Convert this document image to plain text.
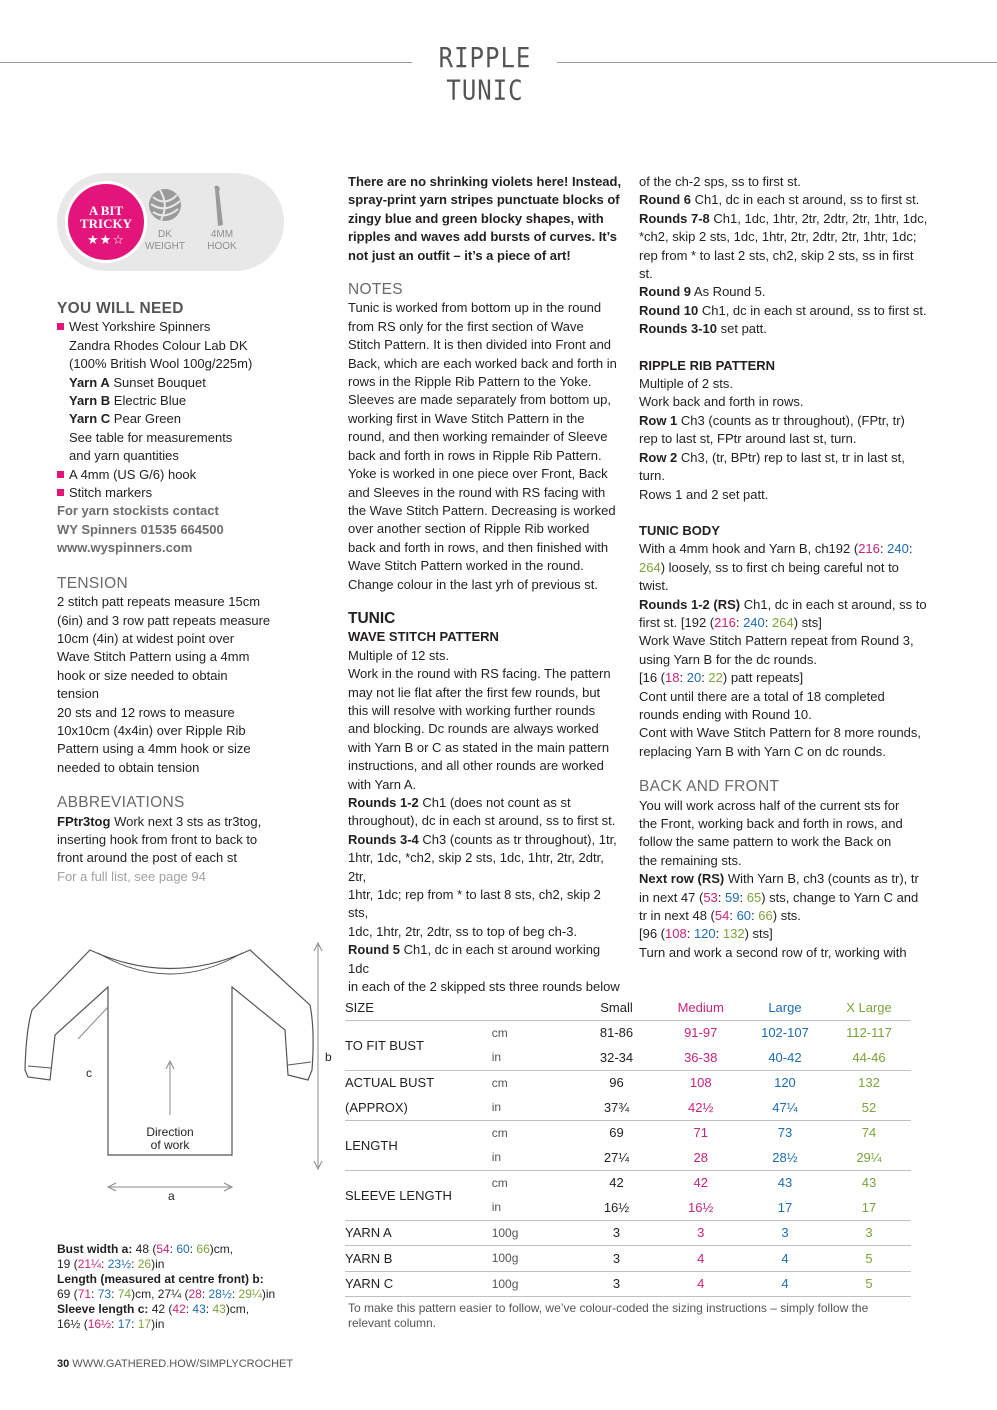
RIPPLE TUNIC
A BIT
TRICKY
★★☆	DK
WEIGHT
4MM
HOOK
YOU WILL NEED
West Yorkshire Spinners
Zandra Rhodes Colour Lab DK
(100% British Wool 100g/225m)
Yarn A Sunset Bouquet
Yarn B Electric Blue
Yarn C Pear Green
See table for measurements
and yarn quantities
A 4mm (US G/6) hook
Stitch markers
For yarn stockists contact
WY Spinners 01535 664500
www.wyspinners.com
TENSION
2 stitch patt repeats measure 15cm
(6in) and 3 row patt repeats measure
10cm (4in) at widest point over
Wave Stitch Pattern using a 4mm
hook or size needed to obtain
tension
20 sts and 12 rows to measure
10x10cm (4x4in) over Ripple Rib
Pattern using a 4mm hook or size
needed to obtain tension
ABBREVIATIONS
FPtr3tog Work next 3 sts as tr3tog,
inserting hook from front to back to
front around the post of each st
For a full list, see page 94
c
b
a
Direction
of work
Bust width a: 48 (54: 60: 66)cm,
19 (21¼: 23½: 26)in
Length (measured at centre front) b:
69 (71: 73: 74)cm, 27¼ (28: 28½: 29¼)in
Sleeve length c: 42 (42: 43: 43)cm,
16½ (16½: 17: 17)in
30 WWW.GATHERED.HOW/SIMPLYCROCHET
There are no shrinking violets here! Instead,
spray-print yarn stripes punctuate blocks of
zingy blue and green blocky shapes, with
ripples and waves add bursts of curves. It’s
not just an outfit – it’s a piece of art!
NOTES
Tunic is worked from bottom up in the round
from RS only for the first section of Wave
Stitch Pattern. It is then divided into Front and
Back, which are each worked back and forth in
rows in the Ripple Rib Pattern to the Yoke.
Sleeves are made separately from bottom up,
working first in Wave Stitch Pattern in the
round, and then working remainder of Sleeve
back and forth in rows in Ripple Rib Pattern.
Yoke is worked in one piece over Front, Back
and Sleeves in the round with RS facing with
the Wave Stitch Pattern. Decreasing is worked
over another section of Ripple Rib worked
back and forth in rows, and then finished with
Wave Stitch Pattern worked in the round.
Change colour in the last yrh of previous st.
TUNIC
WAVE STITCH PATTERN
Multiple of 12 sts.
Work in the round with RS facing. The pattern
may not lie flat after the first few rounds, but
this will resolve with working further rounds
and blocking. Dc rounds are always worked
with Yarn B or C as stated in the main pattern
instructions, and all other rounds are worked
with Yarn A.
Rounds 1-2 Ch1 (does not count as st
throughout), dc in each st around, ss to first st.
Rounds 3-4 Ch3 (counts as tr throughout), 1tr,
1htr, 1dc, *ch2, skip 2 sts, 1dc, 1htr, 2tr, 2dtr, 2tr,
1htr, 1dc; rep from * to last 8 sts, ch2, skip 2 sts,
1dc, 1htr, 2tr, 2dtr, ss to top of beg ch-3.
Round 5 Ch1, dc in each st around working 1dc
in each of the 2 skipped sts three rounds below
of the ch-2 sps, ss to first st.
Round 6 Ch1, dc in each st around, ss to first st.
Rounds 7-8 Ch1, 1dc, 1htr, 2tr, 2dtr, 2tr, 1htr, 1dc,
*ch2, skip 2 sts, 1dc, 1htr, 2tr, 2dtr, 2tr, 1htr, 1dc;
rep from * to last 2 sts, ch2, skip 2 sts, ss in first st.
Round 9 As Round 5.
Round 10 Ch1, dc in each st around, ss to first st.
Rounds 3-10 set patt.
RIPPLE RIB PATTERN
Multiple of 2 sts.
Work back and forth in rows.
Row 1 Ch3 (counts as tr throughout), (FPtr, tr)
rep to last st, FPtr around last st, turn.
Row 2 Ch3, (tr, BPtr) rep to last st, tr in last st,
turn.
Rows 1 and 2 set patt.
TUNIC BODY
With a 4mm hook and Yarn B, ch192 (216: 240:
264) loosely, ss to first ch being careful not to
twist.
Rounds 1-2 (RS) Ch1, dc in each st around, ss to
first st. [192 (216: 240: 264) sts]
Work Wave Stitch Pattern repeat from Round 3,
using Yarn B for the dc rounds.
[16 (18: 20: 22) patt repeats]
Cont until there are a total of 18 completed
rounds ending with Round 10.
Cont with Wave Stitch Pattern for 8 more rounds,
replacing Yarn B with Yarn C on dc rounds.
BACK AND FRONT
You will work across half of the current sts for
the Front, working back and forth in rows, and
follow the same pattern to work the Back on
the remaining sts.
Next row (RS) With Yarn B, ch3 (counts as tr), tr
in next 47 (53: 59: 65) sts, change to Yarn C and
tr in next 48 (54: 60: 66) sts.
[96 (108: 120: 132) sts]
Turn and work a second row of tr, working with
SIZE		Small	Medium	Large	X Large
TO FIT BUST	cm	81-86	91-97	102-107	112-117
	in	32-34	36-38	40-42	44-46
ACTUAL BUST	cm	96	108	120	132
(APPROX)	in	37¾	42½	47¼	52
LENGTH	cm	69	71	73	74
	in	27¼	28	28½	29¼
SLEEVE LENGTH	cm	42	42	43	43
	in	16½	16½	17	17
YARN A	100g	3	3	3	3
YARN B	100g	3	4	4	5
YARN C	100g	3	4	4	5
To make this pattern easier to follow, we’ve colour-coded the sizing instructions – simply follow the
relevant column.
